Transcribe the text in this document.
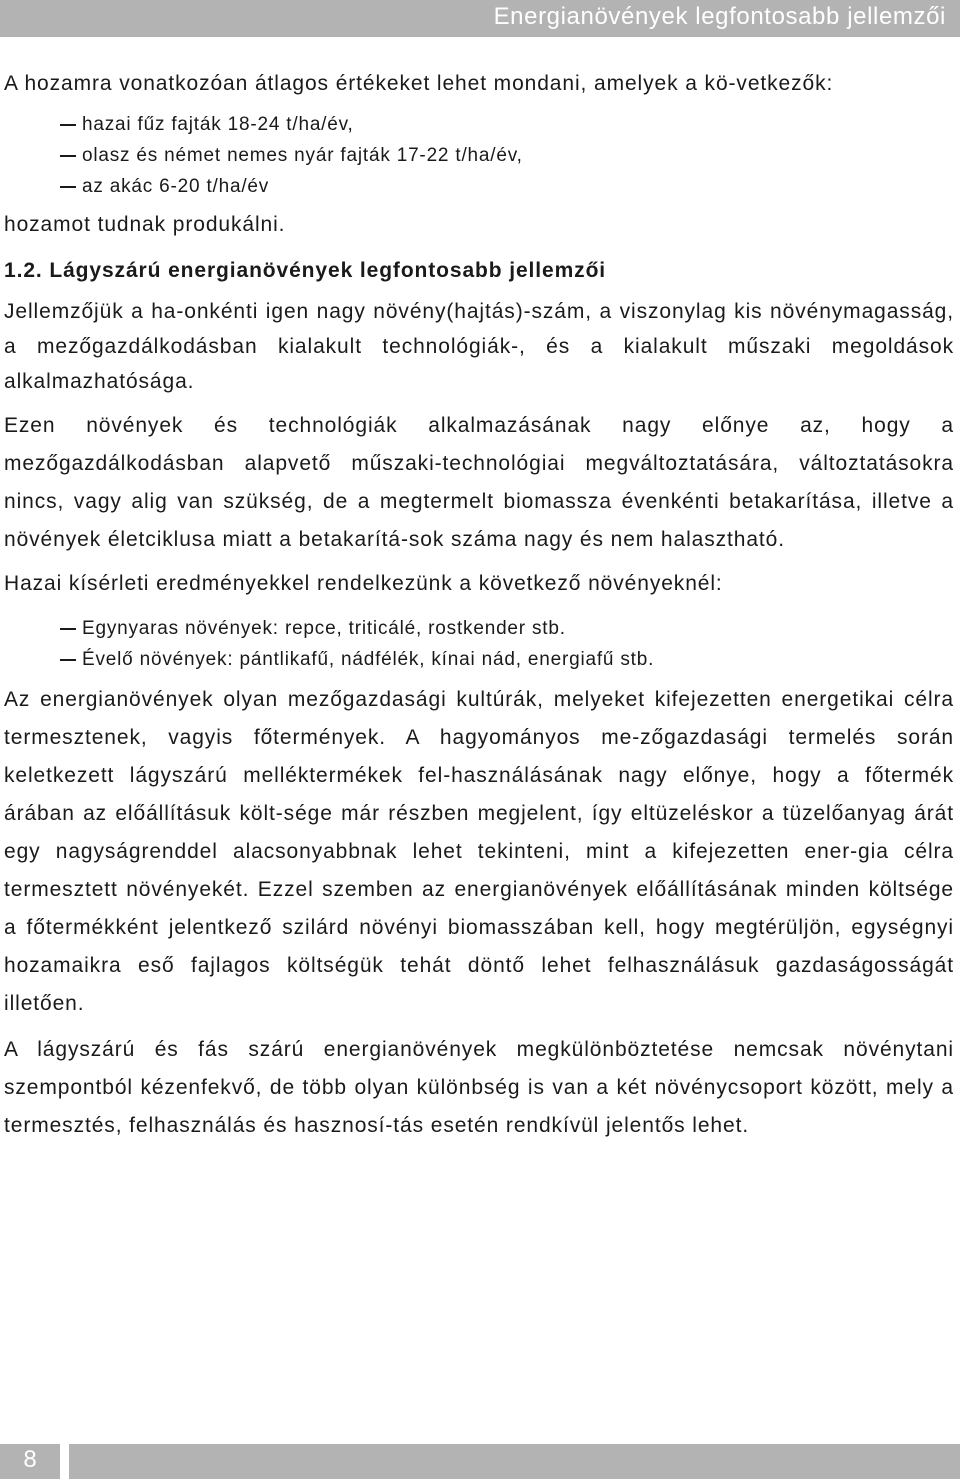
Energianövények legfontosabb jellemzői

A hozamra vonatkozóan átlagos értékeket lehet mondani, amelyek a kö-vetkezők:

hazai fűz fajták 18-24 t/ha/év,
olasz és német nemes nyár fajták 17-22 t/ha/év,
az akác 6-20 t/ha/év

hozamot tudnak produkálni.

1.2. Lágyszárú energianövények legfontosabb jellemzői

Jellemzőjük a ha-onkénti igen nagy növény(hajtás)-szám, a viszonylag kis növénymagasság, a mezőgazdálkodásban kialakult technológiák-, és a kialakult műszaki megoldások alkalmazhatósága.

Ezen növények és technológiák alkalmazásának nagy előnye az, hogy a mezőgazdálkodásban alapvető műszaki-technológiai megváltoztatására, változtatásokra nincs, vagy alig van szükség, de a megtermelt biomassza évenkénti betakarítása, illetve a növények életciklusa miatt a betakarítá-sok száma nagy és nem halasztható.

Hazai kísérleti eredményekkel rendelkezünk a következő növényeknél:

Egynyaras növények: repce, triticálé, rostkender stb.
Évelő növények: pántlikafű, nádfélék, kínai nád, energiafű stb.

Az energianövények olyan mezőgazdasági kultúrák, melyeket kifejezetten energetikai célra termesztenek, vagyis főtermények. A hagyományos me-zőgazdasági termelés során keletkezett lágyszárú melléktermékek fel-használásának nagy előnye, hogy a főtermék árában az előállításuk költ-sége már részben megjelent, így eltüzeléskor a tüzelőanyag árát egy nagyságrenddel alacsonyabbnak lehet tekinteni, mint a kifejezetten ener-gia célra termesztett növényekét. Ezzel szemben az energianövények előállításának minden költsége a főtermékként jelentkező szilárd növényi biomasszában kell, hogy megtérüljön, egységnyi hozamaikra eső fajlagos költségük tehát döntő lehet felhasználásuk gazdaságosságát illetően.

A lágyszárú és fás szárú energianövények megkülönböztetése nemcsak növénytani szempontból kézenfekvő, de több olyan különbség is van a két növénycsoport között, mely a termesztés, felhasználás és hasznosí-tás esetén rendkívül jelentős lehet.

8
